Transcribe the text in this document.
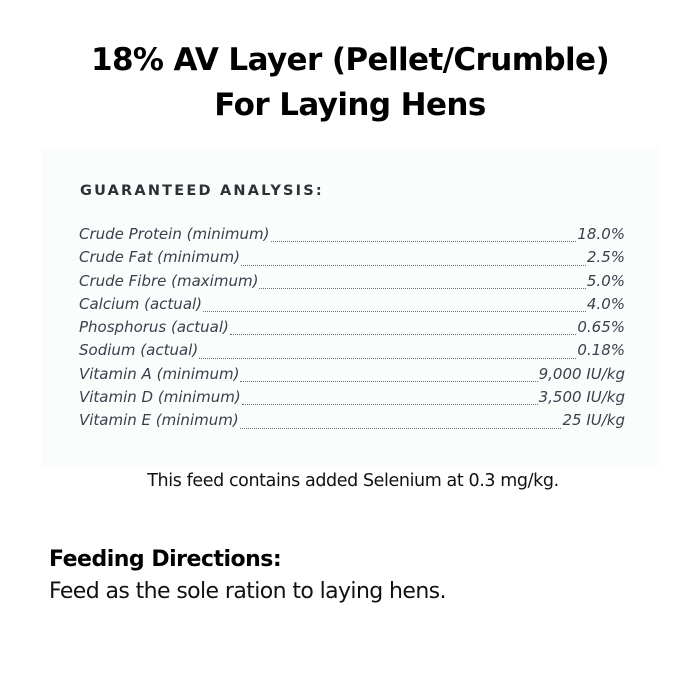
18% AV Layer (Pellet/Crumble)
For Laying Hens
GUARANTEED ANALYSIS:
Crude Protein (minimum)	18.0%
Crude Fat (minimum)	2.5%
Crude Fibre (maximum)	5.0%
Calcium (actual)	4.0%
Phosphorus (actual)	0.65%
Sodium (actual)	0.18%
Vitamin A (minimum)	9,000 IU/kg
Vitamin D (minimum)	3,500 IU/kg
Vitamin E (minimum)	25 IU/kg
This feed contains added Selenium at 0.3 mg/kg.
Feeding Directions:
Feed as the sole ration to laying hens.
